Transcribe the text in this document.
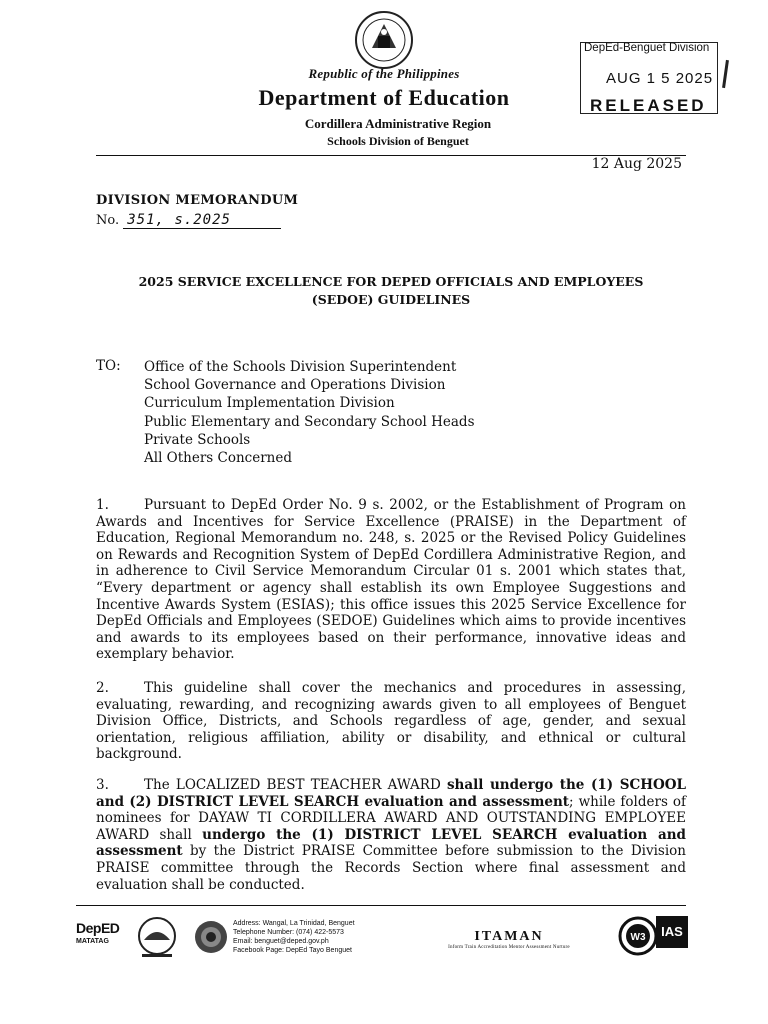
Republic of the Philippines
Department of Education
Cordillera Administrative Region
Schools Division of Benguet
DepEd-Benguet Division
AUG 1 5 2025
RELEASED
12 Aug 2025
DIVISION MEMORANDUM
No. 351, s.2025
2025 SERVICE EXCELLENCE FOR DEPED OFFICIALS AND EMPLOYEES
(SEDOE) GUIDELINES
TO: Office of the Schools Division Superintendent
School Governance and Operations Division
Curriculum Implementation Division
Public Elementary and Secondary School Heads
Private Schools
All Others Concerned
1.	Pursuant to DepEd Order No. 9 s. 2002, or the Establishment of Program on Awards and Incentives for Service Excellence (PRAISE) in the Department of Education, Regional Memorandum no. 248, s. 2025 or the Revised Policy Guidelines on Rewards and Recognition System of DepEd Cordillera Administrative Region, and in adherence to Civil Service Memorandum Circular 01 s. 2001 which states that, “Every department or agency shall establish its own Employee Suggestions and Incentive Awards System (ESIAS); this office issues this 2025 Service Excellence for DepEd Officials and Employees (SEDOE) Guidelines which aims to provide incentives and awards to its employees based on their performance, innovative ideas and exemplary behavior.
2.	This guideline shall cover the mechanics and procedures in assessing, evaluating, rewarding, and recognizing awards given to all employees of Benguet Division Office, Districts, and Schools regardless of age, gender, and sexual orientation, religious affiliation, ability or disability, and ethnical or cultural background.
3.	The LOCALIZED BEST TEACHER AWARD shall undergo the (1) SCHOOL and (2) DISTRICT LEVEL SEARCH evaluation and assessment; while folders of nominees for DAYAW TI CORDILLERA AWARD AND OUTSTANDING EMPLOYEE AWARD shall undergo the (1) DISTRICT LEVEL SEARCH evaluation and assessment by the District PRAISE Committee before submission to the Division PRAISE committee through the Records Section where final assessment and evaluation shall be conducted.
DepED
MATATAG
Address: Wangal, La Trinidad, Benguet
Telephone Number: (074) 422-5573
Email: benguet@deped.gov.ph
Facebook Page: DepEd Tayo Benguet
ITAMAN
Inform Train Accreditation Mentor Assessment Nurture
W3	IAS
